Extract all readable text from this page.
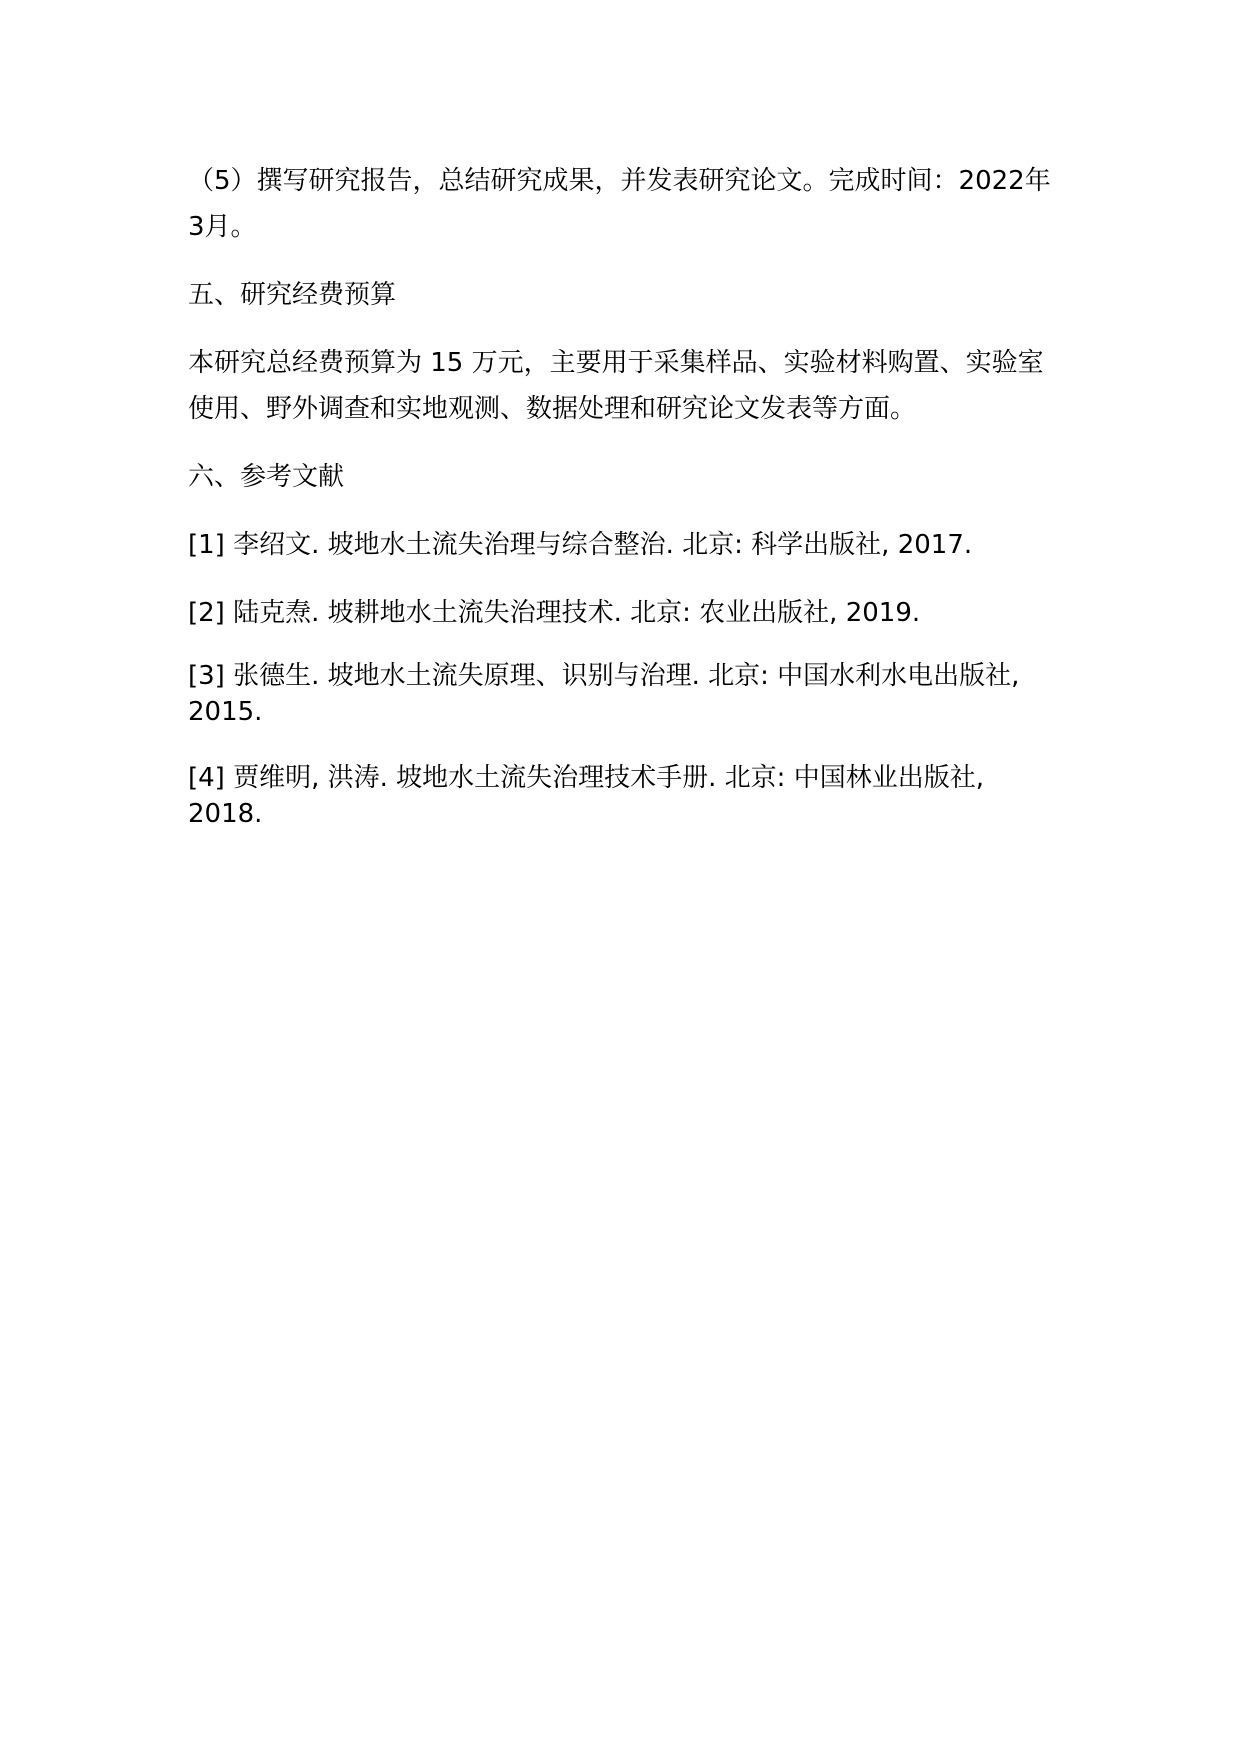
（5）撰写研究报告，总结研究成果，并发表研究论文。完成时间：2022年3月。

五、研究经费预算

本研究总经费预算为 15 万元，主要用于采集样品、实验材料购置、实验室使用、野外调查和实地观测、数据处理和研究论文发表等方面。

六、参考文献

[1] 李绍文. 坡地水土流失治理与综合整治. 北京: 科学出版社, 2017.

[2] 陆克焘. 坡耕地水土流失治理技术. 北京: 农业出版社, 2019.

[3] 张德生. 坡地水土流失原理、识别与治理. 北京: 中国水利水电出版社, 2015.

[4] 贾维明, 洪涛. 坡地水土流失治理技术手册. 北京: 中国林业出版社, 2018.
